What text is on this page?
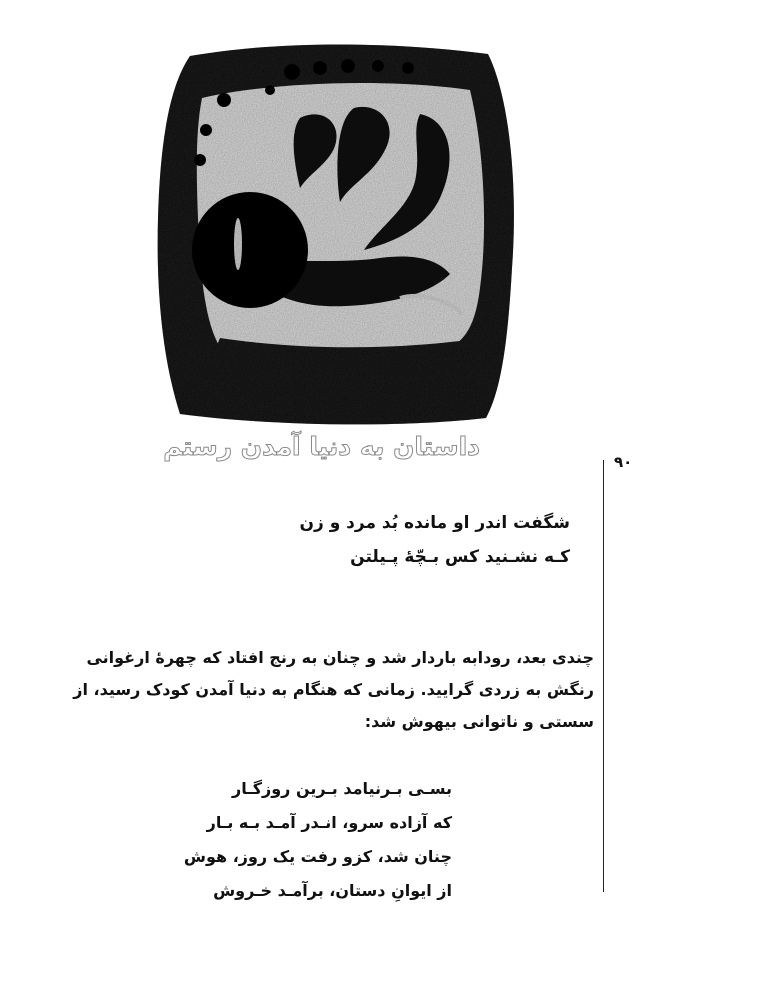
داستان به دنیا آمدن رستم
۹۰
شگفت اندر او مانده بُد مرد و زن
کـه نشـنید کس بـچّهٔ پـیلتن
چندی بعد، رودابه باردار شد و چنان به رنج افتاد که چهرهٔ ارغوانی
رنگش به زردی گرایید. زمانی که هنگام به دنیا آمدن کودک رسید، از
سستی و ناتوانی بیهوش شد:
بسـی بـرنیامد بـرین روزگـار
که آزاده سرو، انـدر آمـد بـه بـار
چنان شد، کزو رفت یک روز، هوش
از ایوانِ دستان، برآمـد خـروش
